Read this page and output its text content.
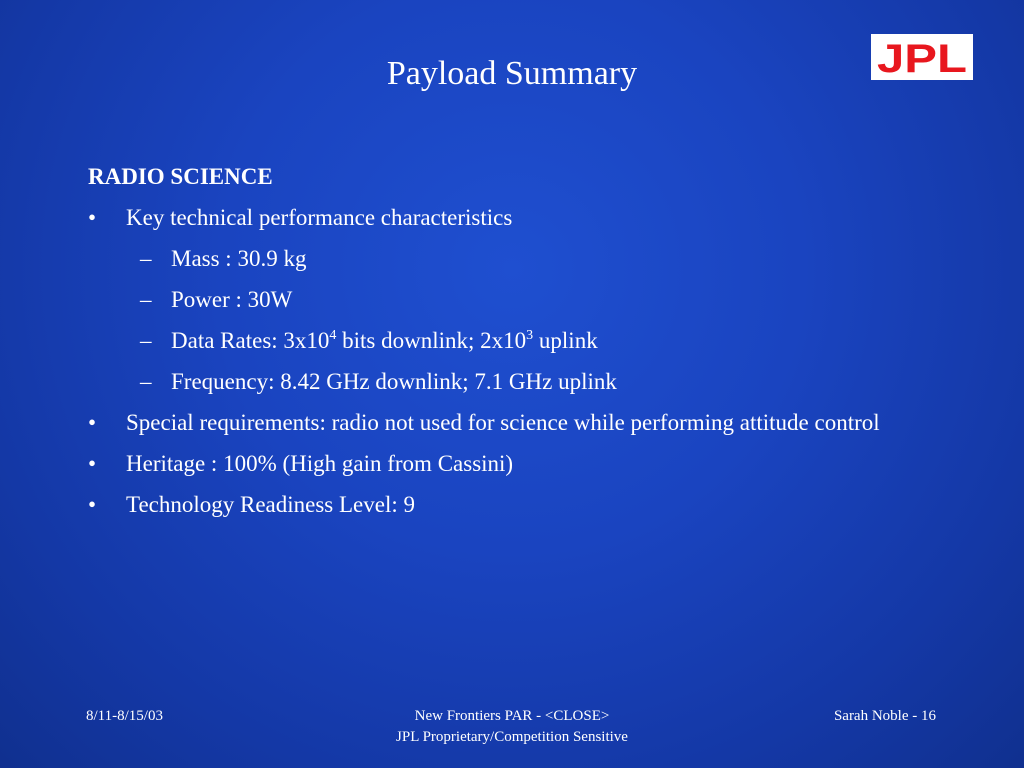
Payload Summary	JPL
RADIO SCIENCE
• Key technical performance characteristics
– Mass : 30.9 kg
– Power : 30W
– Data Rates: $3x10^4$ bits downlink; $2x10^3$ uplink
– Frequency: 8.42 GHz downlink; 7.1 GHz uplink
• Special requirements: radio not used for science while performing attitude control
• Heritage : 100% (High gain from Cassini)
• Technology Readiness Level: 9
8/11-8/15/03	New Frontiers PAR - <CLOSE>
JPL Proprietary/Competition Sensitive
Sarah Noble - 16
